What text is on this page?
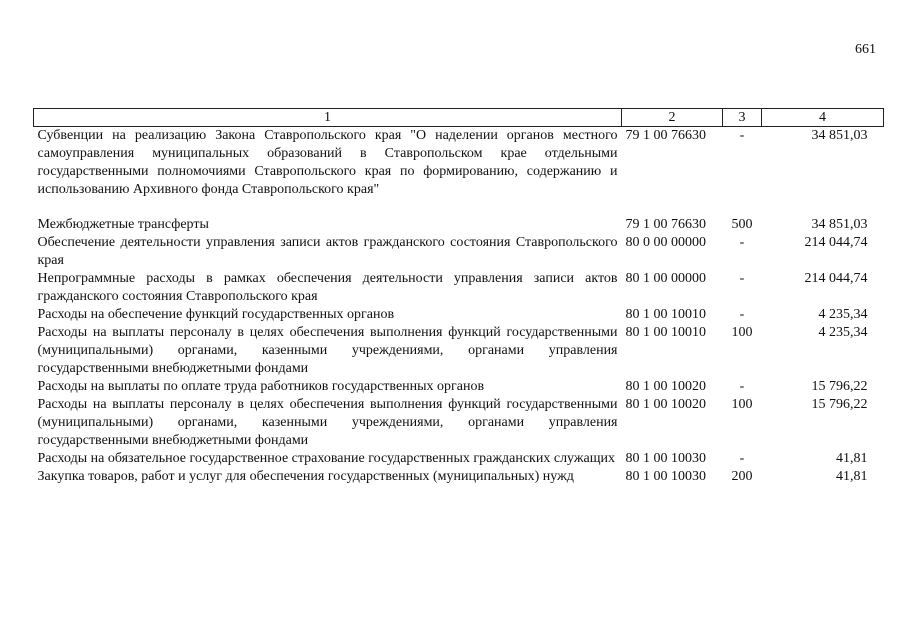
661
1	2	3	4
Субвенции на реализацию Закона Ставропольского края "О наделении органов местного самоуправления муниципальных образований в Ставропольском крае отдельными государственными полномочиями Ставропольского края по формированию, содержанию и использованию Архивного фонда Ставропольского края"	79 1 00 76630	-	34 851,03
Межбюджетные трансферты	79 1 00 76630	500	34 851,03
Обеспечение деятельности управления записи актов гражданского состояния Ставропольского края	80 0 00 00000	-	214 044,74
Непрограммные расходы в рамках обеспечения деятельности управления записи актов гражданского состояния Ставропольского края	80 1 00 00000	-	214 044,74
Расходы на обеспечение функций государственных органов	80 1 00 10010	-	4 235,34
Расходы на выплаты персоналу в целях обеспечения выполнения функций государственными (муниципальными) органами, казенными учреждениями, органами управления государственными внебюджетными фондами	80 1 00 10010	100	4 235,34
Расходы на выплаты по оплате труда работников государственных органов	80 1 00 10020	-	15 796,22
Расходы на выплаты персоналу в целях обеспечения выполнения функций государственными (муниципальными) органами, казенными учреждениями, органами управления государственными внебюджетными фондами	80 1 00 10020	100	15 796,22
Расходы на обязательное государственное страхование государственных гражданских служащих	80 1 00 10030	-	41,81
Закупка товаров, работ и услуг для обеспечения государственных (муниципальных) нужд	80 1 00 10030	200	41,81
